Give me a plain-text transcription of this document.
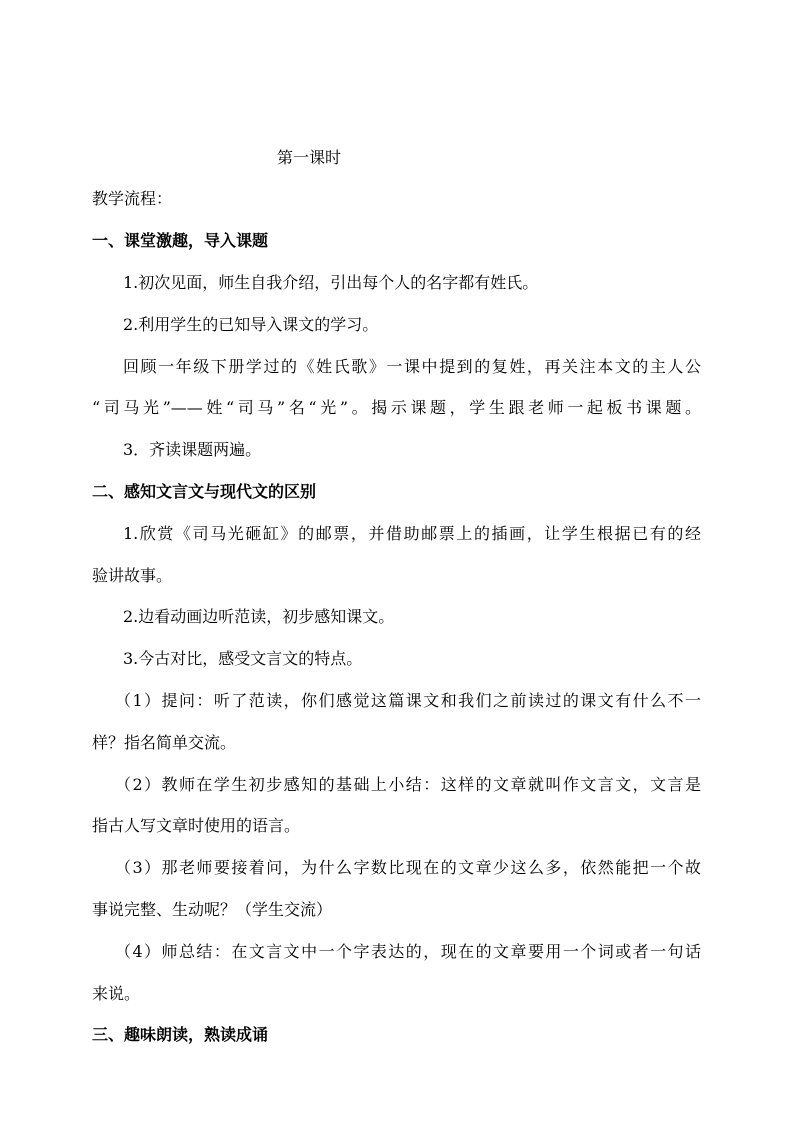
第一课时
教学流程：
一、课堂激趣，导入课题
1.初次见面，师生自我介绍，引出每个人的名字都有姓氏。
2.利用学生的已知导入课文的学习。
回顾一年级下册学过的《姓氏歌》一课中提到的复姓，再关注本文的主人公
“司马光”——姓“司马”名“光”。揭示课题，学生跟老师一起板书课题。
3．齐读课题两遍。
二、感知文言文与现代文的区别
1.欣赏《司马光砸缸》的邮票，并借助邮票上的插画，让学生根据已有的经
验讲故事。
2.边看动画边听范读，初步感知课文。
3.今古对比，感受文言文的特点。
（1）提问：听了范读，你们感觉这篇课文和我们之前读过的课文有什么不一
样？指名简单交流。
（2）教师在学生初步感知的基础上小结：这样的文章就叫作文言文，文言是
指古人写文章时使用的语言。
（3）那老师要接着问，为什么字数比现在的文章少这么多，依然能把一个故
事说完整、生动呢？（学生交流）
（4）师总结：在文言文中一个字表达的，现在的文章要用一个词或者一句话
来说。
三、趣味朗读，熟读成诵
